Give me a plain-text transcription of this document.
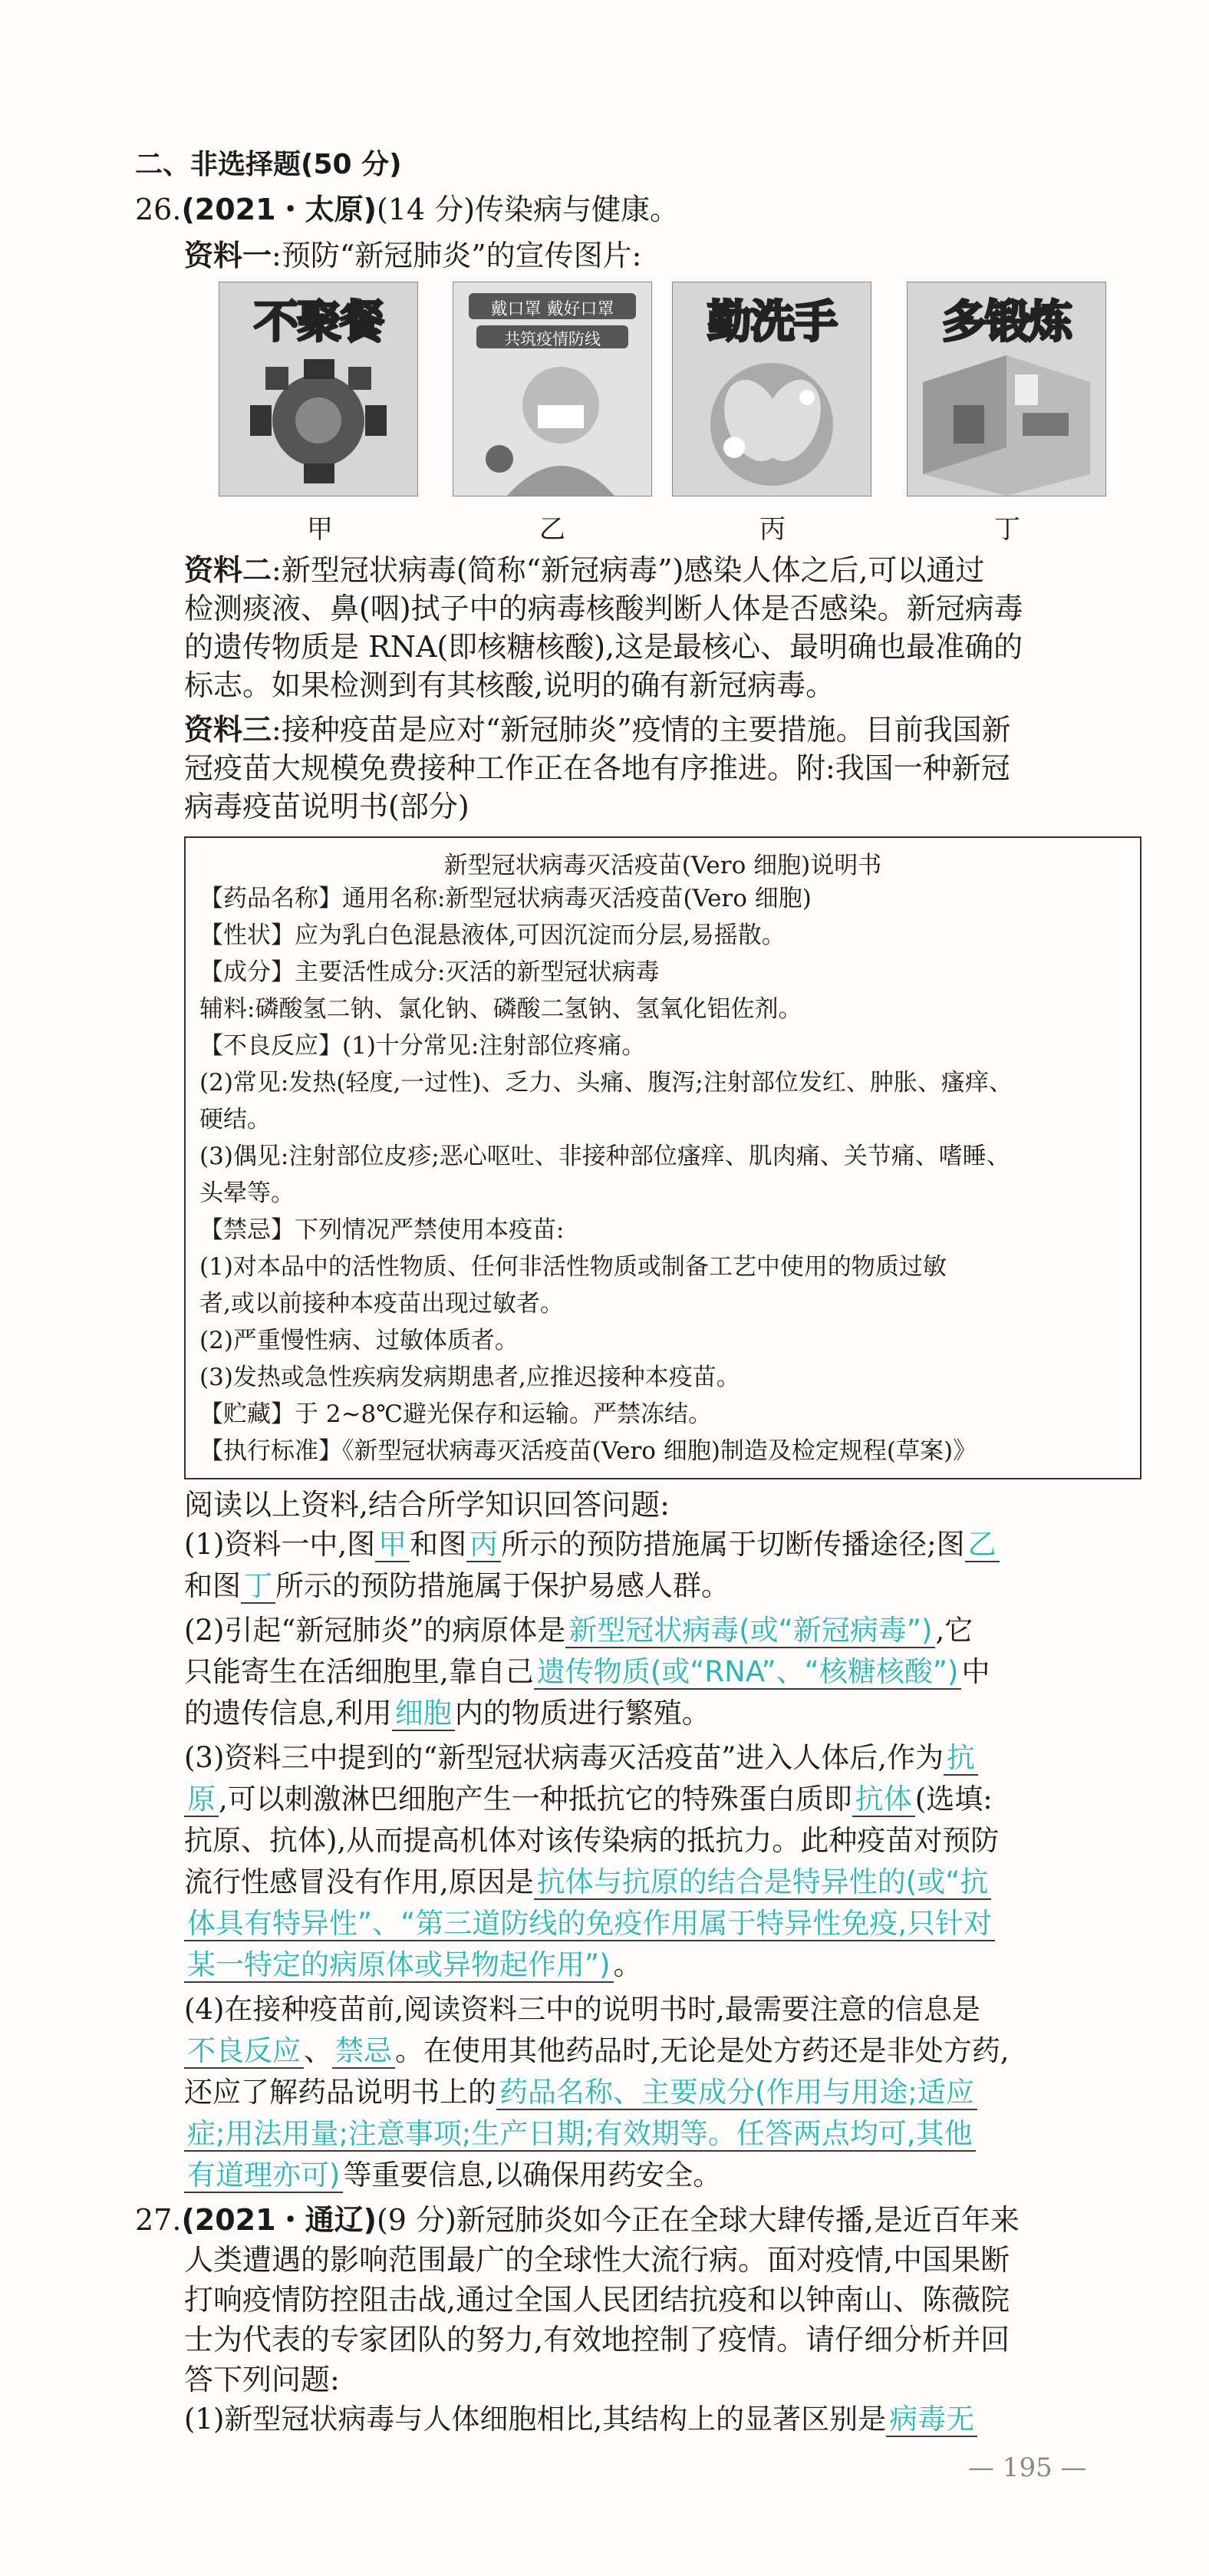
二、非选择题(50 分)
26.(2021・太原)(14 分)传染病与健康。
资料一:预防“新冠肺炎”的宣传图片:
不聚餐	戴口罩 戴好口罩
共筑疫情防线	勤洗手	多锻炼
甲	乙	丙	丁
资料二:新型冠状病毒(简称“新冠病毒”)感染人体之后,可以通过
检测痰液、鼻(咽)拭子中的病毒核酸判断人体是否感染。新冠病毒
的遗传物质是 RNA(即核糖核酸),这是最核心、最明确也最准确的
标志。如果检测到有其核酸,说明的确有新冠病毒。
资料三:接种疫苗是应对“新冠肺炎”疫情的主要措施。目前我国新
冠疫苗大规模免费接种工作正在各地有序推进。附:我国一种新冠
病毒疫苗说明书(部分)
新型冠状病毒灭活疫苗(Vero 细胞)说明书
【药品名称】通用名称:新型冠状病毒灭活疫苗(Vero 细胞)
【性状】应为乳白色混悬液体,可因沉淀而分层,易摇散。
【成分】主要活性成分:灭活的新型冠状病毒
辅料:磷酸氢二钠、氯化钠、磷酸二氢钠、氢氧化铝佐剂。
【不良反应】(1)十分常见:注射部位疼痛。
(2)常见:发热(轻度,一过性)、乏力、头痛、腹泻;注射部位发红、肿胀、瘙痒、
硬结。
(3)偶见:注射部位皮疹;恶心呕吐、非接种部位瘙痒、肌肉痛、关节痛、嗜睡、
头晕等。
【禁忌】下列情况严禁使用本疫苗:
(1)对本品中的活性物质、任何非活性物质或制备工艺中使用的物质过敏
者,或以前接种本疫苗出现过敏者。
(2)严重慢性病、过敏体质者。
(3)发热或急性疾病发病期患者,应推迟接种本疫苗。
【贮藏】于 2~8℃避光保存和运输。严禁冻结。
【执行标准】《新型冠状病毒灭活疫苗(Vero 细胞)制造及检定规程(草案)》
阅读以上资料,结合所学知识回答问题:
(1)资料一中,图 甲 和图 丙 所示的预防措施属于切断传播途径;图 乙
和图 丁 所示的预防措施属于保护易感人群。
(2)引起“新冠肺炎”的病原体是 新型冠状病毒(或“新冠病毒”) ,它
只能寄生在活细胞里,靠自己 遗传物质(或“RNA”、“核糖核酸”) 中
的遗传信息,利用 细胞 内的物质进行繁殖。
(3)资料三中提到的“新型冠状病毒灭活疫苗”进入人体后,作为 抗
原 ,可以刺激淋巴细胞产生一种抵抗它的特殊蛋白质即 抗体 (选填:
抗原、抗体),从而提高机体对该传染病的抵抗力。此种疫苗对预防
流行性感冒没有作用,原因是 抗体与抗原的结合是特异性的(或“抗
体具有特异性”、“第三道防线的免疫作用属于特异性免疫,只针对
某一特定的病原体或异物起作用”) 。
(4)在接种疫苗前,阅读资料三中的说明书时,最需要注意的信息是
不良反应 、 禁忌 。在使用其他药品时,无论是处方药还是非处方药,
还应了解药品说明书上的 药品名称、主要成分(作用与用途;适应
症;用法用量;注意事项;生产日期;有效期等。任答两点均可,其他
有道理亦可) 等重要信息,以确保用药安全。
27.(2021・通辽)(9 分)新冠肺炎如今正在全球大肆传播,是近百年来
人类遭遇的影响范围最广的全球性大流行病。面对疫情,中国果断
打响疫情防控阻击战,通过全国人民团结抗疫和以钟南山、陈薇院
士为代表的专家团队的努力,有效地控制了疫情。请仔细分析并回
答下列问题:
(1)新型冠状病毒与人体细胞相比,其结构上的显著区别是 病毒无
— 195 —
